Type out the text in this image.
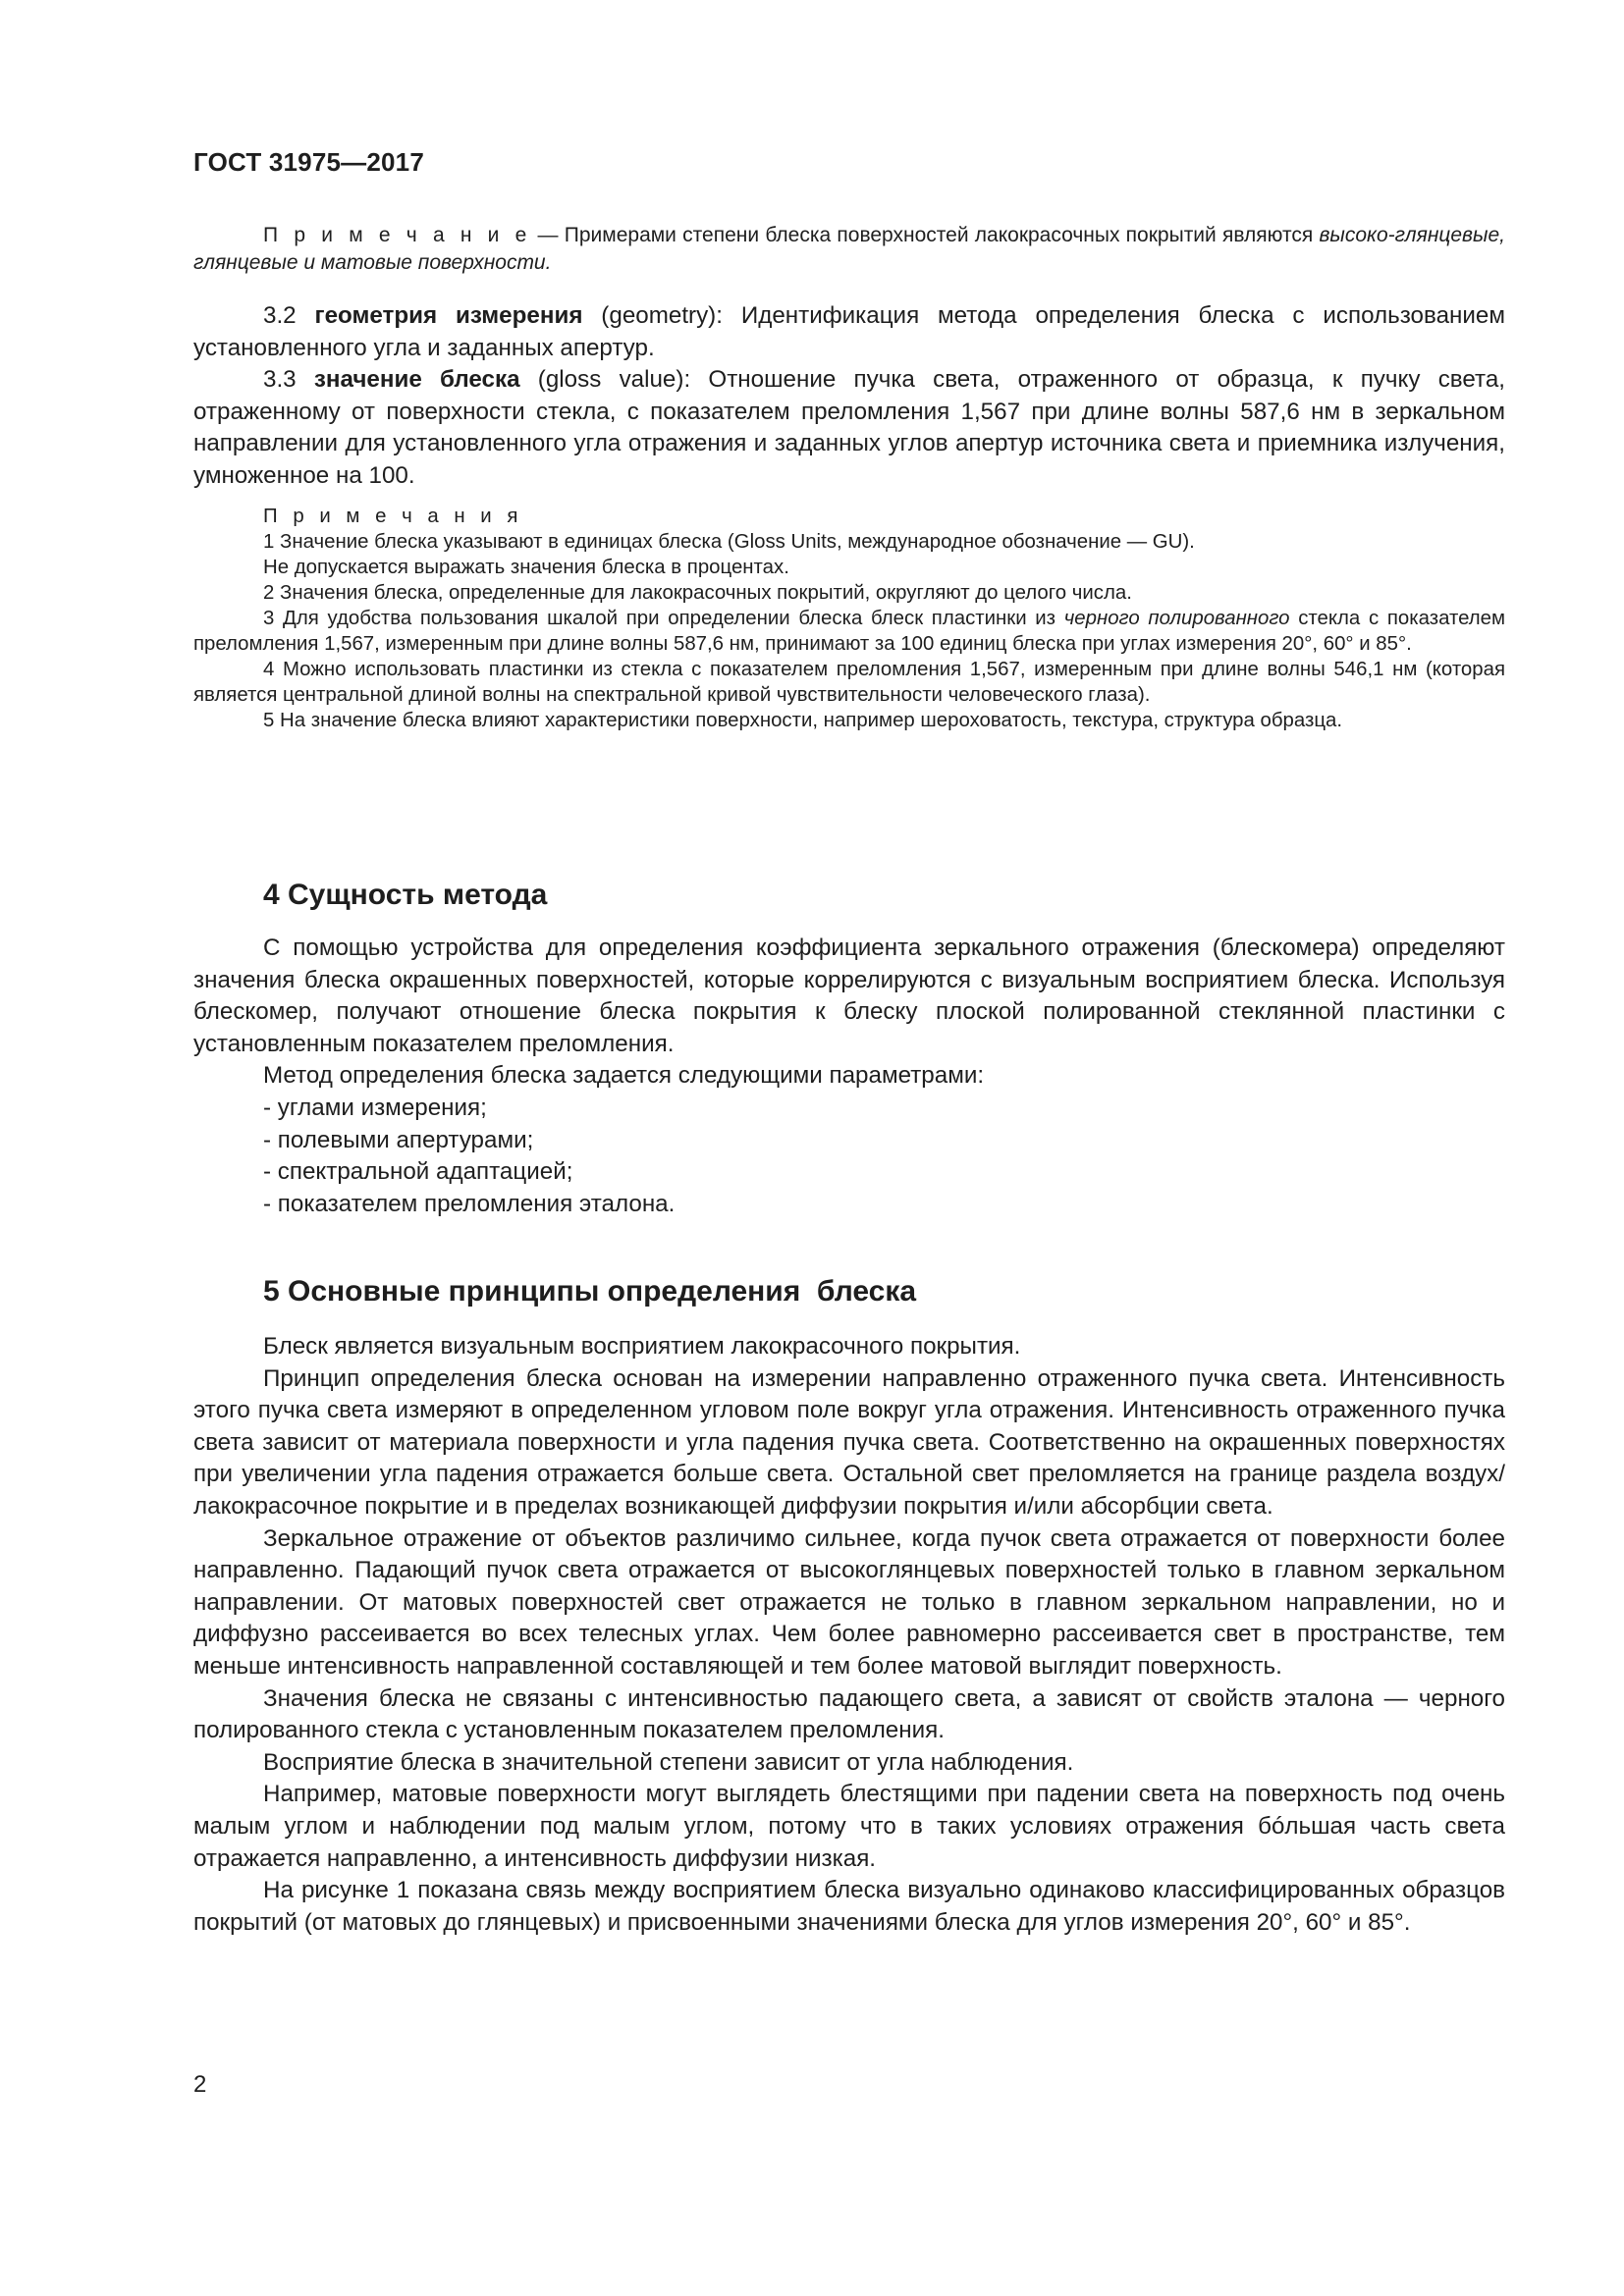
ГОСТ 31975—2017

П р и м е ч а н и е — Примерами степени блеска поверхностей лакокрасочных покрытий являются высоко-глянцевые, глянцевые и матовые поверхности.

3.2 геометрия измерения (geometry): Идентификация метода определения блеска с использованием установленного угла и заданных апертур.

3.3 значение блеска (gloss value): Отношение пучка света, отраженного от образца, к пучку света, отраженному от поверхности стекла, с показателем преломления 1,567 при длине волны 587,6 нм в зеркальном направлении для установленного угла отражения и заданных углов апертур источника света и приемника излучения, умноженное на 100.

П р и м е ч а н и я

1 Значение блеска указывают в единицах блеска (Gloss Units, международное обозначение — GU).

Не допускается выражать значения блеска в процентах.

2 Значения блеска, определенные для лакокрасочных покрытий, округляют до целого числа.

3 Для удобства пользования шкалой при определении блеска блеск пластинки из черного полированного стекла с показателем преломления 1,567, измеренным при длине волны 587,6 нм, принимают за 100 единиц блеска при углах измерения 20°, 60° и 85°.

4 Можно использовать пластинки из стекла с показателем преломления 1,567, измеренным при длине волны 546,1 нм (которая является центральной длиной волны на спектральной кривой чувствительности человеческого глаза).

5 На значение блеска влияют характеристики поверхности, например шероховатость, текстура, структура образца.

4 Сущность метода

С помощью устройства для определения коэффициента зеркального отражения (блескомера) определяют значения блеска окрашенных поверхностей, которые коррелируются с визуальным восприятием блеска. Используя блескомер, получают отношение блеска покрытия к блеску плоской полированной стеклянной пластинки с установленным показателем преломления.

Метод определения блеска задается следующими параметрами:

- углами измерения;

- полевыми апертурами;

- спектральной адаптацией;

- показателем преломления эталона.

5 Основные принципы определения  блеска

Блеск является визуальным восприятием лакокрасочного покрытия.

Принцип определения блеска основан на измерении направленно отраженного пучка света. Интенсивность этого пучка света измеряют в определенном угловом поле вокруг угла отражения. Интенсивность отраженного пучка света зависит от материала поверхности и угла падения пучка света. Соответственно на окрашенных поверхностях при увеличении угла падения отражается больше света. Остальной свет преломляется на границе раздела воздух/лакокрасочное покрытие и в пределах возникающей диффузии покрытия и/или абсорбции света.

Зеркальное отражение от объектов различимо сильнее, когда пучок света отражается от поверхности более направленно. Падающий пучок света отражается от высокоглянцевых поверхностей только в главном зеркальном направлении. От матовых поверхностей свет отражается не только в главном зеркальном направлении, но и диффузно рассеивается во всех телесных углах. Чем более равномерно рассеивается свет в пространстве, тем меньше интенсивность направленной составляющей и тем более матовой выглядит поверхность.

Значения блеска не связаны с интенсивностью падающего света, а зависят от свойств эталона — черного полированного стекла с установленным показателем преломления.

Восприятие блеска в значительной степени зависит от угла наблюдения.

Например, матовые поверхности могут выглядеть блестящими при падении света на поверхность под очень малым углом и наблюдении под малым углом, потому что в таких условиях отражения бóльшая часть света отражается направленно, а интенсивность диффузии низкая.

На рисунке 1 показана связь между восприятием блеска визуально одинаково классифицированных образцов покрытий (от матовых до глянцевых) и присвоенными значениями блеска для углов измерения 20°, 60° и 85°.

2
